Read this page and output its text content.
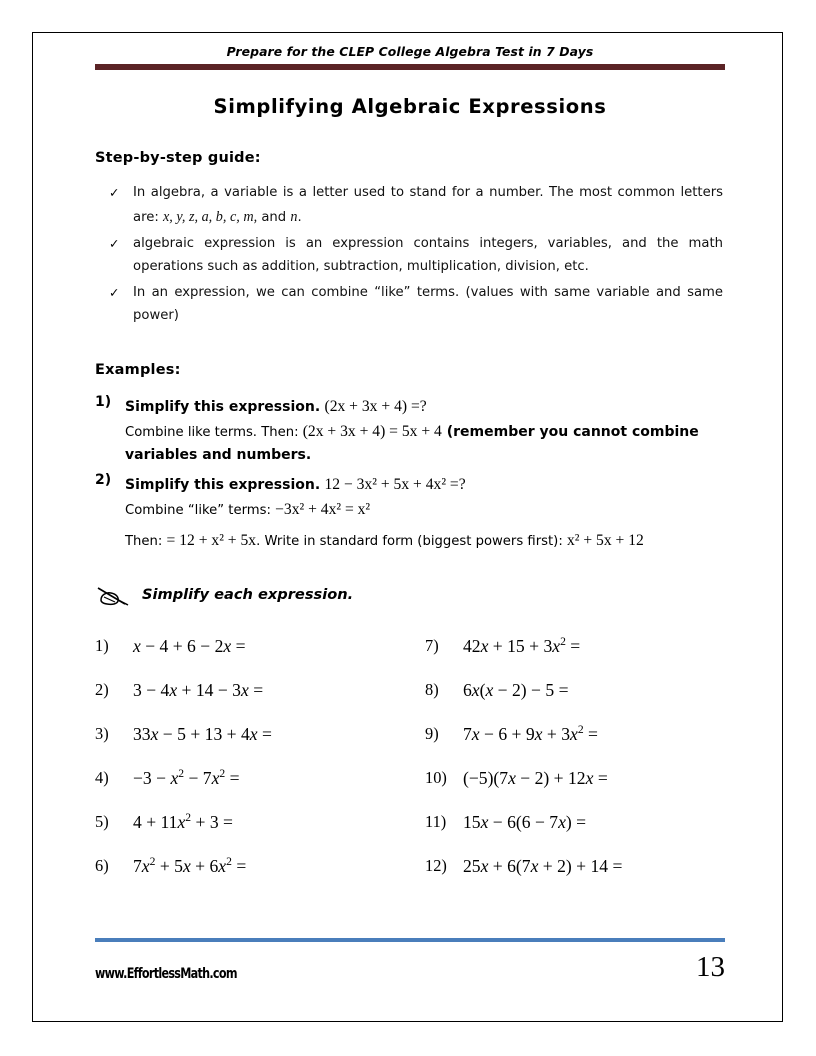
Prepare for the CLEP College Algebra Test in 7 Days
Simplifying Algebraic Expressions
Step-by-step guide:
✓ In algebra, a variable is a letter used to stand for a number. The most common letters are: x, y, z, a, b, c, m, and n.
✓ algebraic expression is an expression contains integers, variables, and the math operations such as addition, subtraction, multiplication, division, etc.
✓ In an expression, we can combine “like” terms. (values with same variable and same power)
Examples:
1) Simplify this expression. (2x + 3x + 4) =?
Combine like terms. Then: (2x + 3x + 4) = 5x + 4 (remember you cannot combine variables and numbers.
2) Simplify this expression. 12 − 3x² + 5x + 4x² =?
Combine “like” terms: −3x² + 4x² = x²
Then: = 12 + x² + 5x. Write in standard form (biggest powers first): x² + 5x + 12
Simplify each expression.
1) x − 4 + 6 − 2x =	7) $42x + 15 + 3x^2$ =
2) 3 − 4x + 14 − 3x =	8) 6x(x − 2) − 5 =
3) 33x − 5 + 13 + 4x =	9) $7x - 6 + 9x + 3x^2$ =
$4) -3 - x^2 - 7x^2$ =	10) (−5)(7x − 2) + 12x =
5) $4 + 11x^2 + 3$ =	11) 15x − 6(6 − 7x) =
6) $7x^2 + 5x + 6x^2$ =	12) 25x + 6(7x + 2) + 14 =
www.EffortlessMath.com	13
